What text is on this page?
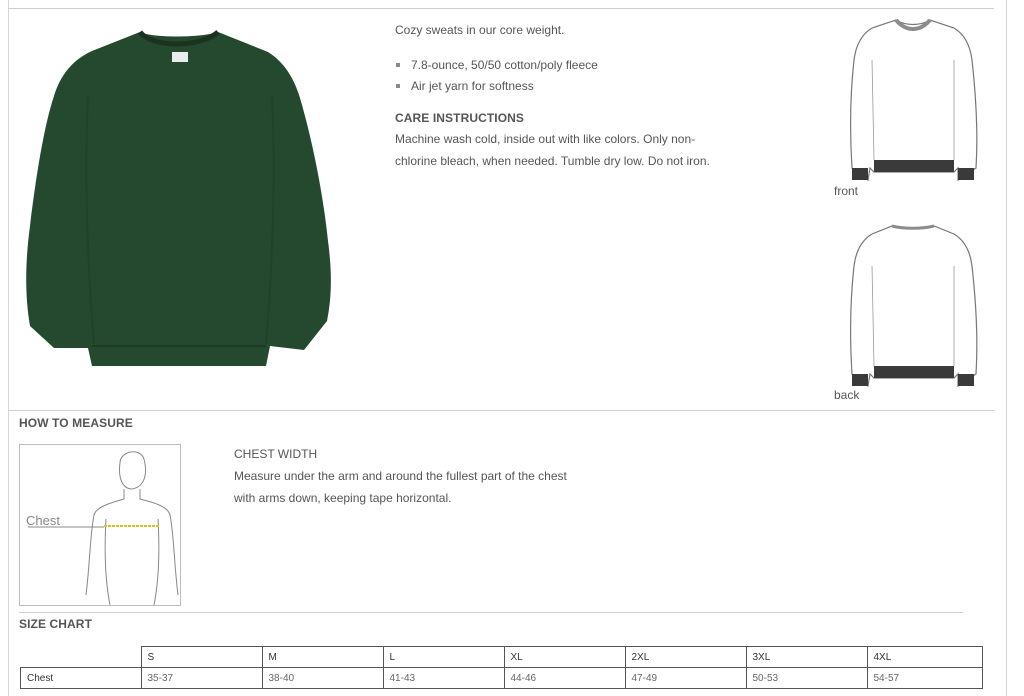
Cozy sweats in our core weight.
7.8-ounce, 50/50 cotton/poly fleece
Air jet yarn for softness
CARE INSTRUCTIONS
Machine wash cold, inside out with like colors. Only non-
chlorine bleach, when needed. Tumble dry low. Do not iron.
front
back
HOW TO MEASURE
Chest
CHEST WIDTH
Measure under the arm and around the fullest part of the chest
with arms down, keeping tape horizontal.
SIZE CHART
	S	M	L	XL	2XL	3XL	4XL
Chest	35-37	38-40	41-43	44-46	47-49	50-53	54-57
